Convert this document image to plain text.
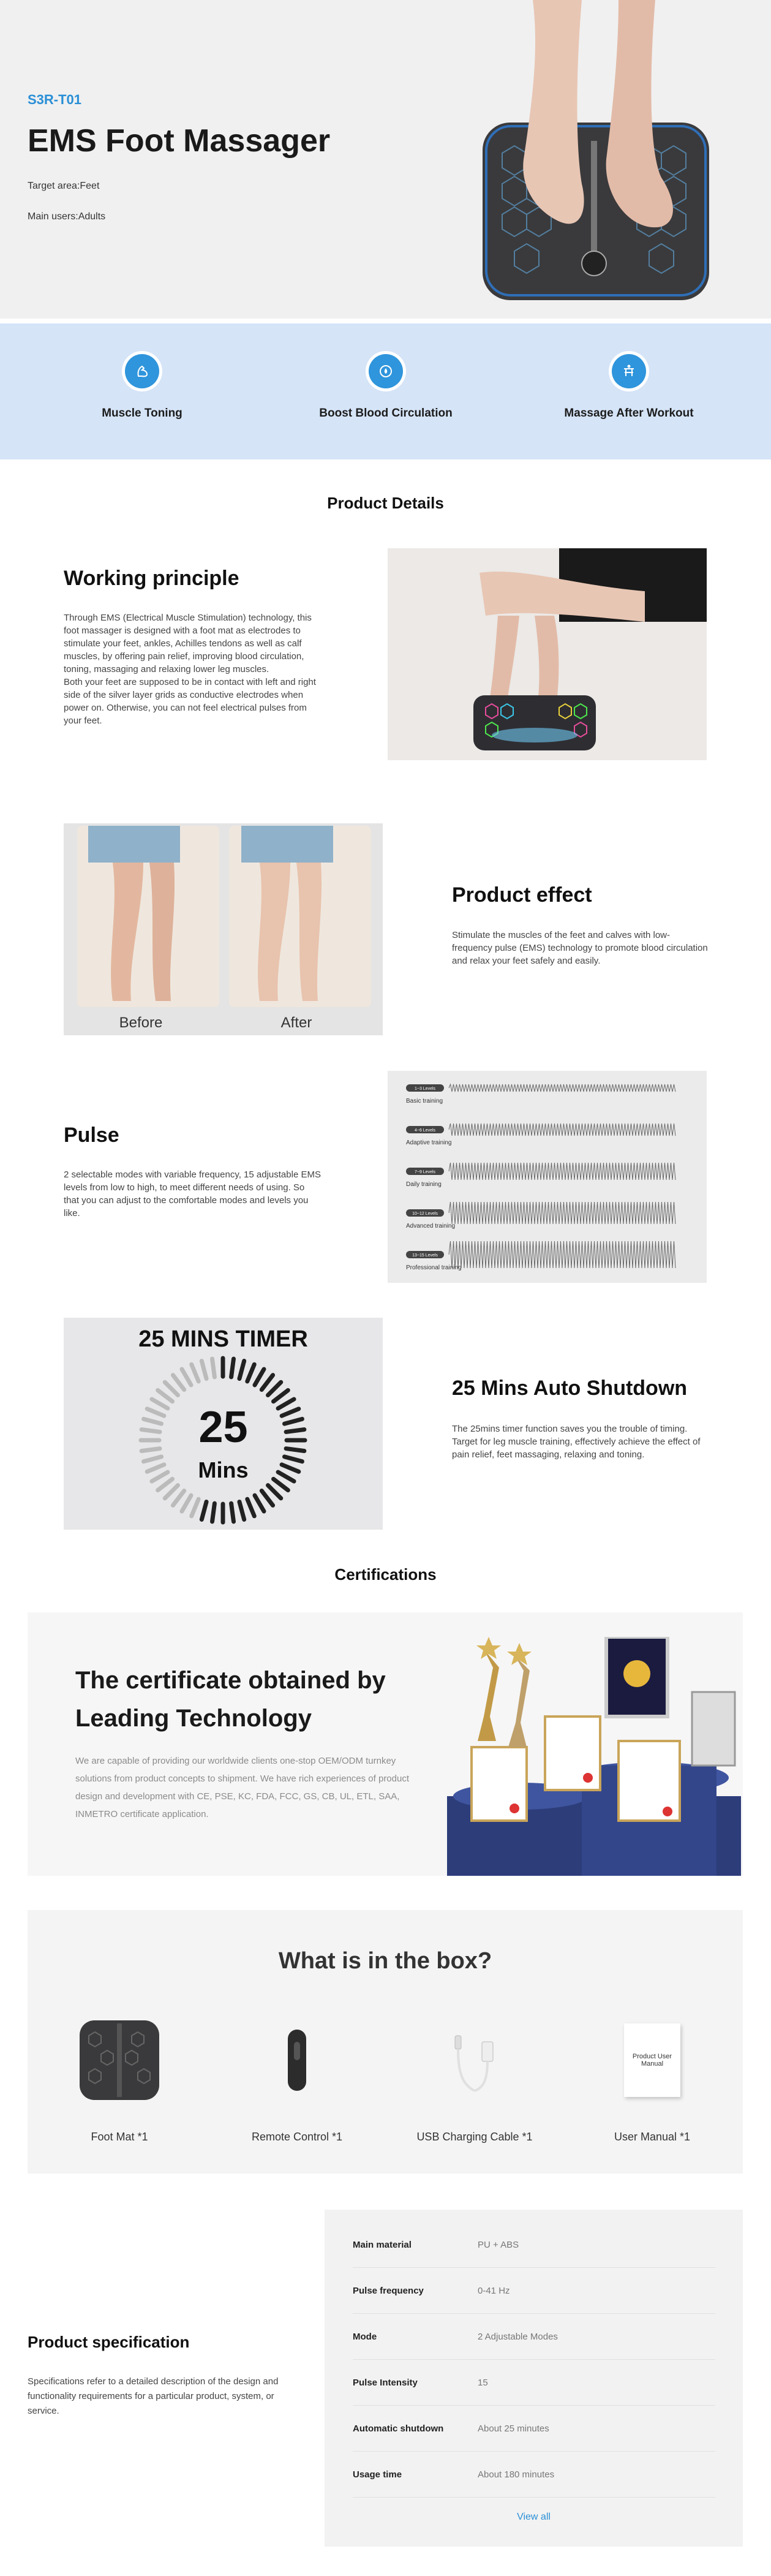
S3R-T01
EMS Foot Massager
Target area:Feet
Main users:Adults
Muscle Toning	Boost Blood Circulation	Massage After Workout
Product Details
Working principle
Through EMS (Electrical Muscle Stimulation) technology, this foot massager is designed with a foot mat as electrodes to stimulate your feet, ankles, Achilles tendons as well as calf muscles, by offering pain relief, improving blood circulation, toning, massaging and relaxing lower leg muscles.
Both your feet are supposed to be in contact with left and right side of the silver layer grids as conductive electrodes when power on. Otherwise, you can not feel electrical pulses from your feet.
Before	After
Product effect
Stimulate the muscles of the feet and calves with low-frequency pulse (EMS) technology to promote blood circulation and relax your feet safely and easily.
Pulse
2 selectable modes with variable frequency, 15 adjustable EMS levels from low to high, to meet different needs of using. So that you can adjust to the comfortable modes and levels you like.
1~3 Levels
Basic training
4~6 Levels
Adaptive training
7~9 Levels
Daily training
10~12 Levels
Advanced training
13~15 Levels
Professional training
25 MINS TIMER
25
Mins
25 Mins Auto Shutdown
The 25mins timer function saves you the trouble of timing. Target for leg muscle training, effectively achieve the effect of pain relief, feet massaging, relaxing and toning.
Certifications
The certificate obtained by Leading Technology
We are capable of providing our worldwide clients one-stop OEM/ODM turnkey solutions from product concepts to shipment. We have rich experiences of product design and development with CE, PSE, KC, FDA, FCC, GS, CB, UL, ETL, SAA, INMETRO certificate application.
What is in the box?
Foot Mat *1	Remote Control *1	USB Charging Cable *1
Product User Manual
User Manual *1
Product specification
Specifications refer to a detailed description of the design and functionality requirements for a particular product, system, or service.
Main material	PU + ABS
Pulse frequency	0-41 Hz
Mode	2 Adjustable Modes
Pulse Intensity	15
Automatic shutdown	About 25 minutes
Usage time	About 180 minutes
View all
